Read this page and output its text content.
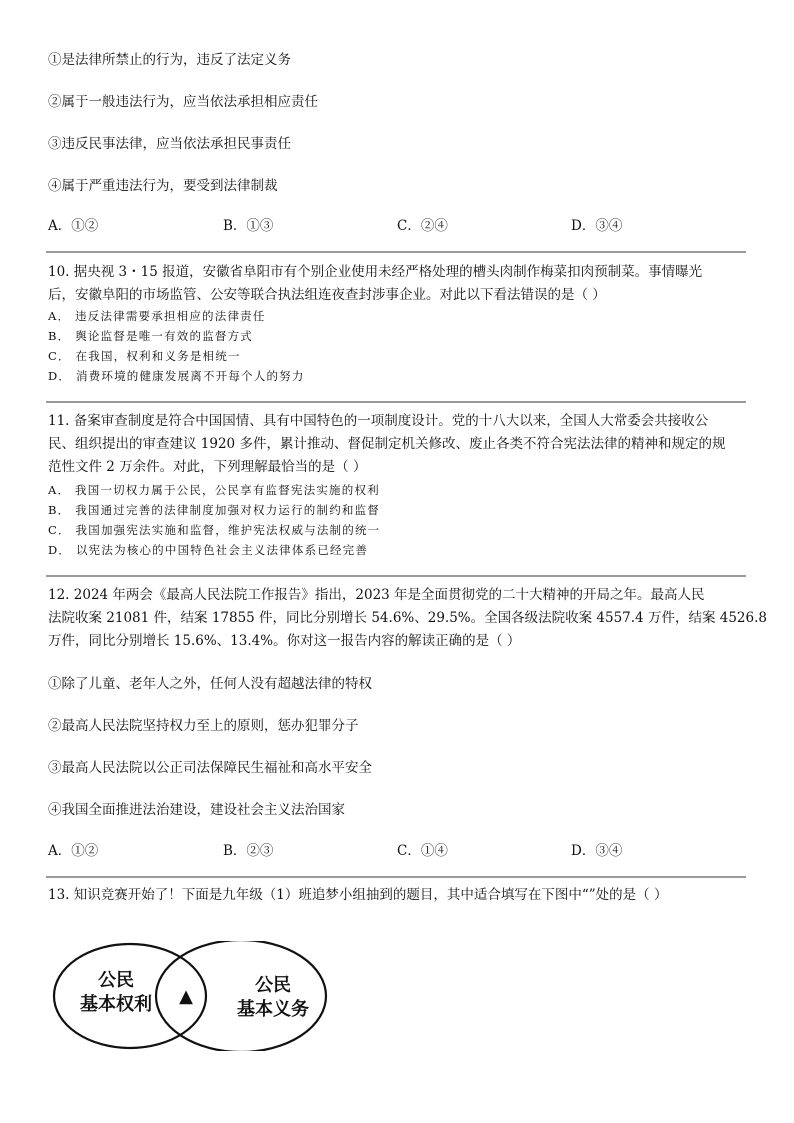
①是法律所禁止的行为，违反了法定义务
②属于一般违法行为，应当依法承担相应责任
③违反民事法律，应当依法承担民事责任
④属于严重违法行为，要受到法律制裁
A．①②	B．①③	C．②④	D．③④
10. 据央视 3・15 报道，安徽省阜阳市有个别企业使用未经严格处理的槽头肉制作梅菜扣肉预制菜。事情曝光
后，安徽阜阳的市场监管、公安等联合执法组连夜查封涉事企业。对此以下看法错误的是（ ）
A． 违反法律需要承担相应的法律责任
B． 舆论监督是唯一有效的监督方式
C． 在我国，权利和义务是相统一
D． 消费环境的健康发展离不开每个人的努力
11. 备案审查制度是符合中国国情、具有中国特色的一项制度设计。党的十八大以来，全国人大常委会共接收公
民、组织提出的审查建议 1920 多件，累计推动、督促制定机关修改、废止各类不符合宪法法律的精神和规定的规
范性文件 2 万余件。对此，下列理解最恰当的是（ ）
A． 我国一切权力属于公民，公民享有监督宪法实施的权利
B． 我国通过完善的法律制度加强对权力运行的制约和监督
C． 我国加强宪法实施和监督，维护宪法权威与法制的统一
D． 以宪法为核心的中国特色社会主义法律体系已经完善
12. 2024 年两会《最高人民法院工作报告》指出，2023 年是全面贯彻党的二十大精神的开局之年。最高人民
法院收案 21081 件，结案 17855 件，同比分别增长 54.6%、29.5%。全国各级法院收案 4557.4 万件，结案 4526.8
万件，同比分别增长 15.6%、13.4%。你对这一报告内容的解读正确的是（ ）
①除了儿童、老年人之外，任何人没有超越法律的特权
②最高人民法院坚持权力至上的原则，惩办犯罪分子
③最高人民法院以公正司法保障民生福祉和高水平安全
④我国全面推进法治建设，建设社会主义法治国家
A．①②	B．②③	C．①④	D．③④
13. 知识竞赛开始了！下面是九年级（1）班追梦小组抽到的题目，其中适合填写在下图中“”处的是（ ）
公民
基本权利 ▲
公民
基本义务
